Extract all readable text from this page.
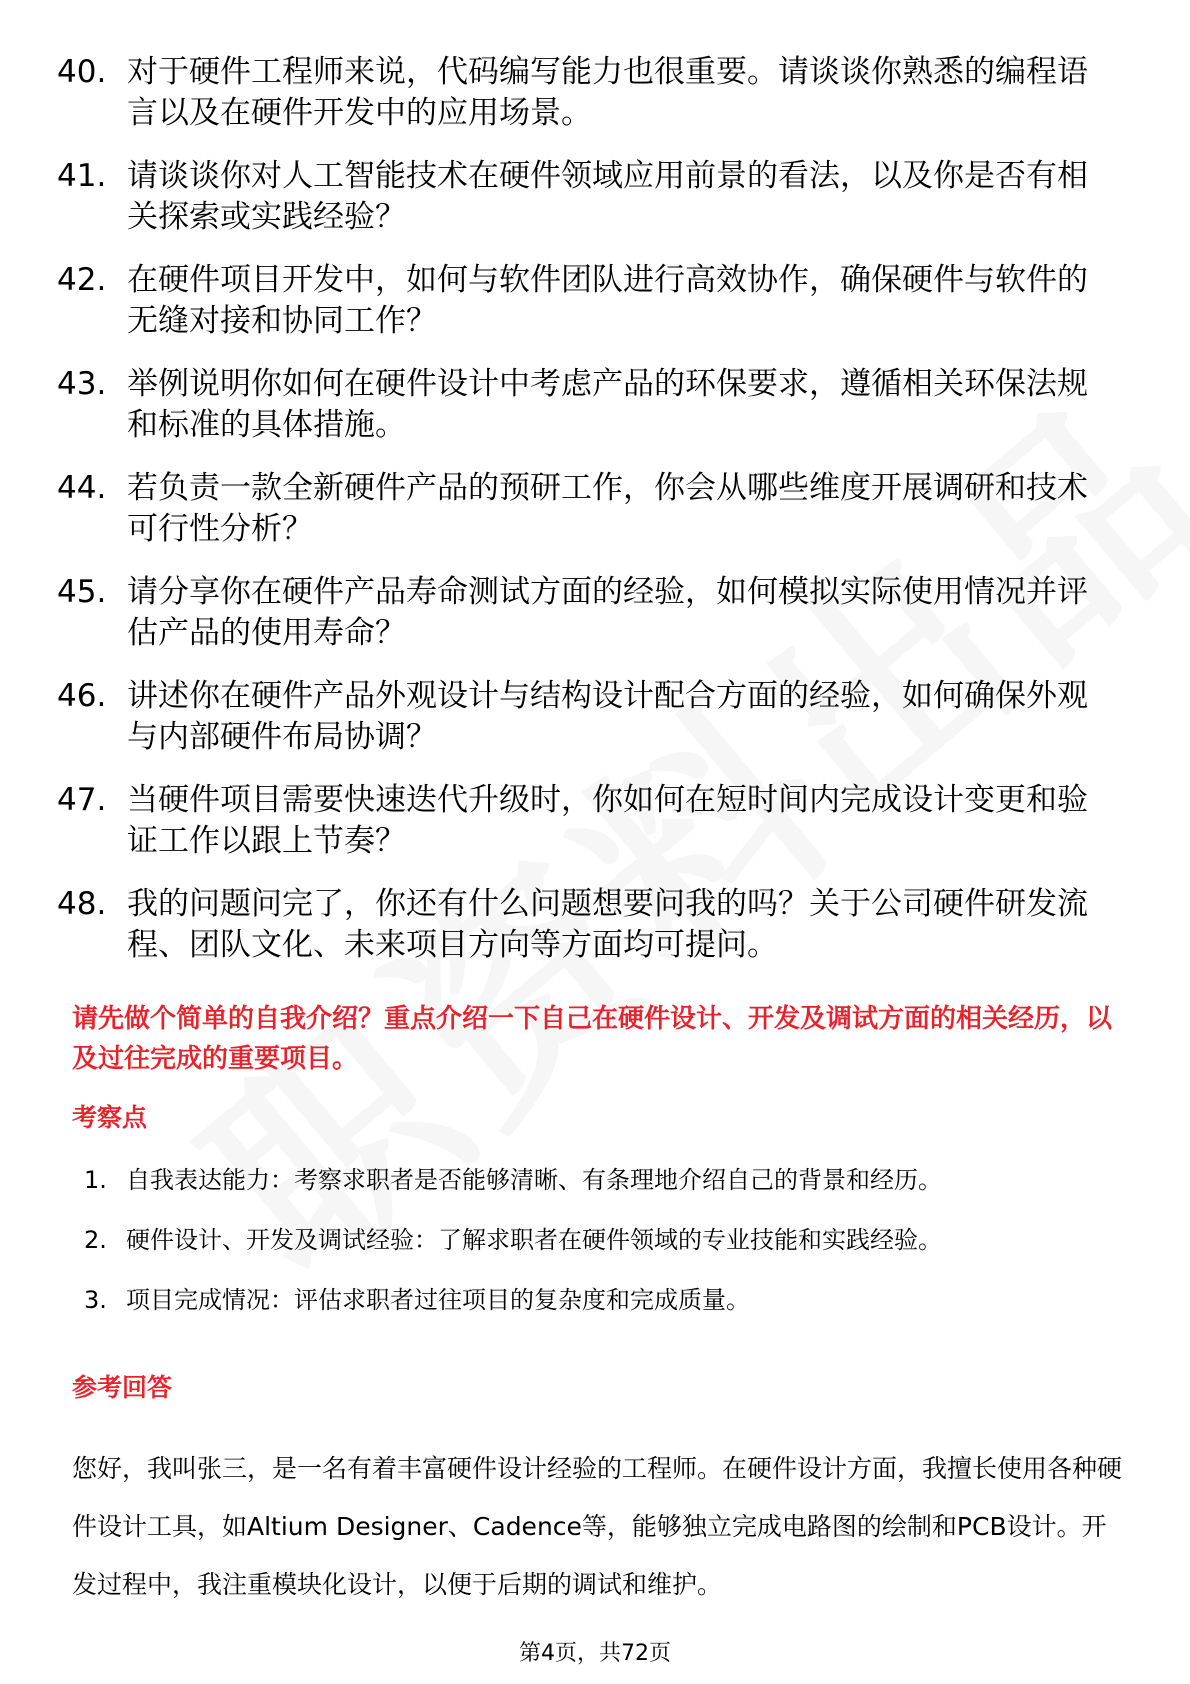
40. 对于硬件工程师来说，代码编写能力也很重要。请谈谈你熟悉的编程语言以及在硬件开发中的应用场景。
41. 请谈谈你对人工智能技术在硬件领域应用前景的看法，以及你是否有相关探索或实践经验？
42. 在硬件项目开发中，如何与软件团队进行高效协作，确保硬件与软件的无缝对接和协同工作？
43. 举例说明你如何在硬件设计中考虑产品的环保要求，遵循相关环保法规和标准的具体措施。
44. 若负责一款全新硬件产品的预研工作，你会从哪些维度开展调研和技术可行性分析？
45. 请分享你在硬件产品寿命测试方面的经验，如何模拟实际使用情况并评估产品的使用寿命？
46. 讲述你在硬件产品外观设计与结构设计配合方面的经验，如何确保外观与内部硬件布局协调？
47. 当硬件项目需要快速迭代升级时，你如何在短时间内完成设计变更和验证工作以跟上节奏？
48. 我的问题问完了，你还有什么问题想要问我的吗？关于公司硬件研发流程、团队文化、未来项目方向等方面均可提问。
请先做个简单的自我介绍？重点介绍一下自己在硬件设计、开发及调试方面的相关经历，以及过往完成的重要项目。
考察点
1. 自我表达能力：考察求职者是否能够清晰、有条理地介绍自己的背景和经历。
2. 硬件设计、开发及调试经验：了解求职者在硬件领域的专业技能和实践经验。
3. 项目完成情况：评估求职者过往项目的复杂度和完成质量。
参考回答
您好，我叫张三，是一名有着丰富硬件设计经验的工程师。在硬件设计方面，我擅长使用各种硬件设计工具，如Altium Designer、Cadence等，能够独立完成电路图的绘制和PCB设计。开发过程中，我注重模块化设计，以便于后期的调试和维护。
第4页，共72页
